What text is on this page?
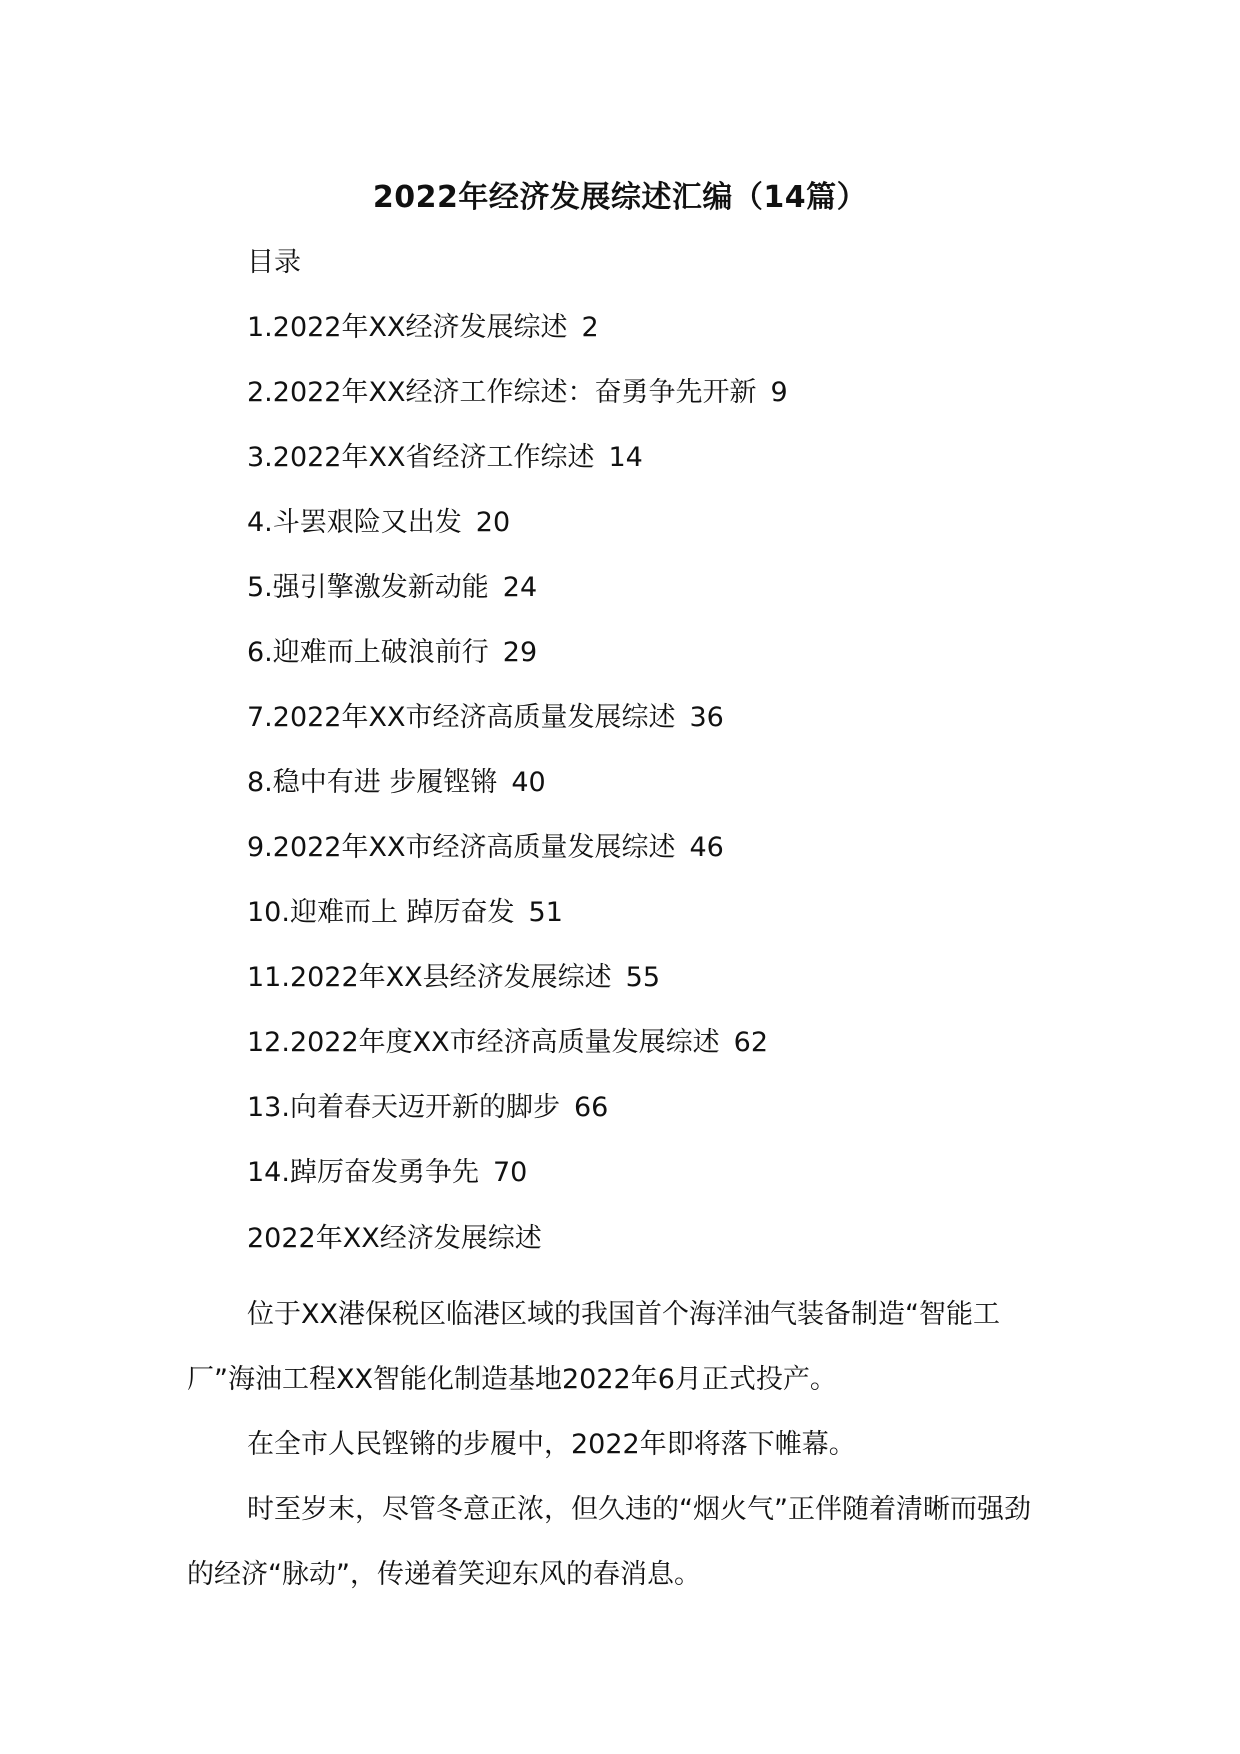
2022年经济发展综述汇编（14篇）
目录
1.2022年XX经济发展综述 2
2.2022年XX经济工作综述：奋勇争先开新 9
3.2022年XX省经济工作综述 14
4.斗罢艰险又出发 20
5.强引擎激发新动能 24
6.迎难而上破浪前行 29
7.2022年XX市经济高质量发展综述 36
8.稳中有进 步履铿锵 40
9.2022年XX市经济高质量发展综述 46
10.迎难而上 踔厉奋发 51
11.2022年XX县经济发展综述 55
12.2022年度XX市经济高质量发展综述 62
13.向着春天迈开新的脚步 66
14.踔厉奋发勇争先 70
2022年XX经济发展综述

位于XX港保税区临港区域的我国首个海洋油气装备制造“智能工厂”海油工程XX智能化制造基地2022年6月正式投产。

在全市人民铿锵的步履中，2022年即将落下帷幕。

时至岁末，尽管冬意正浓，但久违的“烟火气”正伴随着清晰而强劲的经济“脉动”，传递着笑迎东风的春消息。
